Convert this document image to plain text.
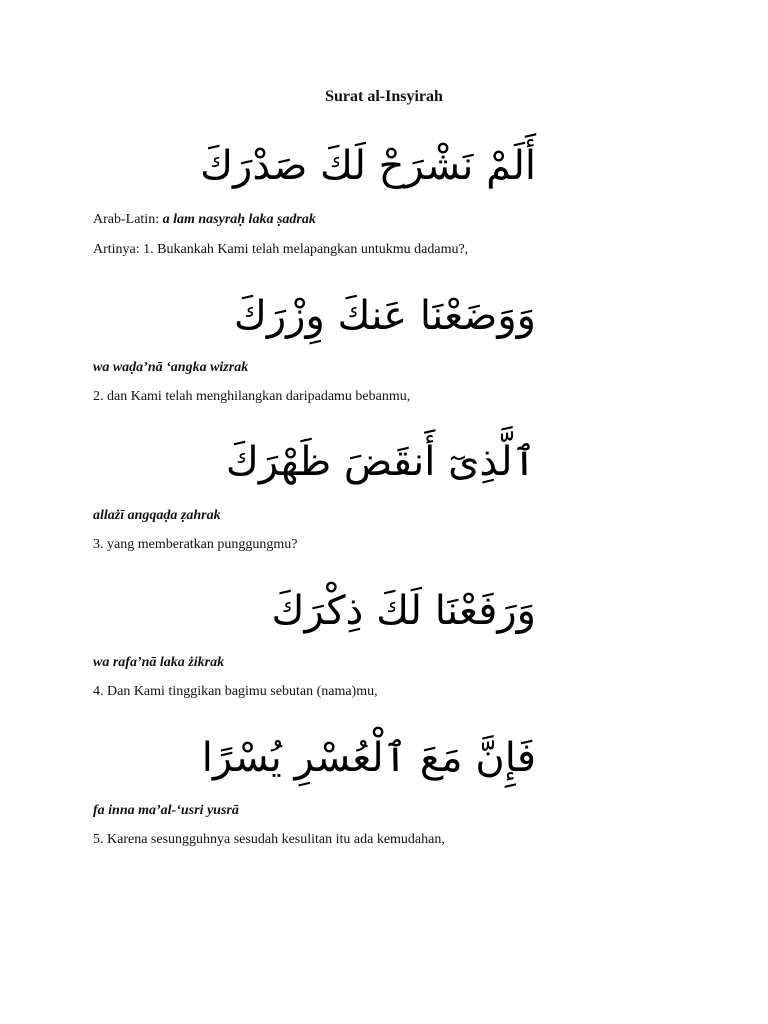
Surat al-Insyirah
أَلَمْ نَشْرَحْ لَكَ صَدْرَكَ
Arab-Latin: a lam nasyraḥ laka ṣadrak
Artinya: 1. Bukankah Kami telah melapangkan untukmu dadamu?,
وَوَضَعْنَا عَنكَ وِزْرَكَ
wa waḍa’nā ‘angka wizrak
2. dan Kami telah menghilangkan daripadamu bebanmu,
ٱلَّذِىٓ أَنقَضَ ظَهْرَكَ
allażī angqaḍa ẓahrak
3. yang memberatkan punggungmu?
وَرَفَعْنَا لَكَ ذِكْرَكَ
wa rafa’nā laka żikrak
4. Dan Kami tinggikan bagimu sebutan (nama)mu,
فَإِنَّ مَعَ ٱلْعُسْرِ يُسْرًا
fa inna ma’al-‘usri yusrā
5. Karena sesungguhnya sesudah kesulitan itu ada kemudahan,
